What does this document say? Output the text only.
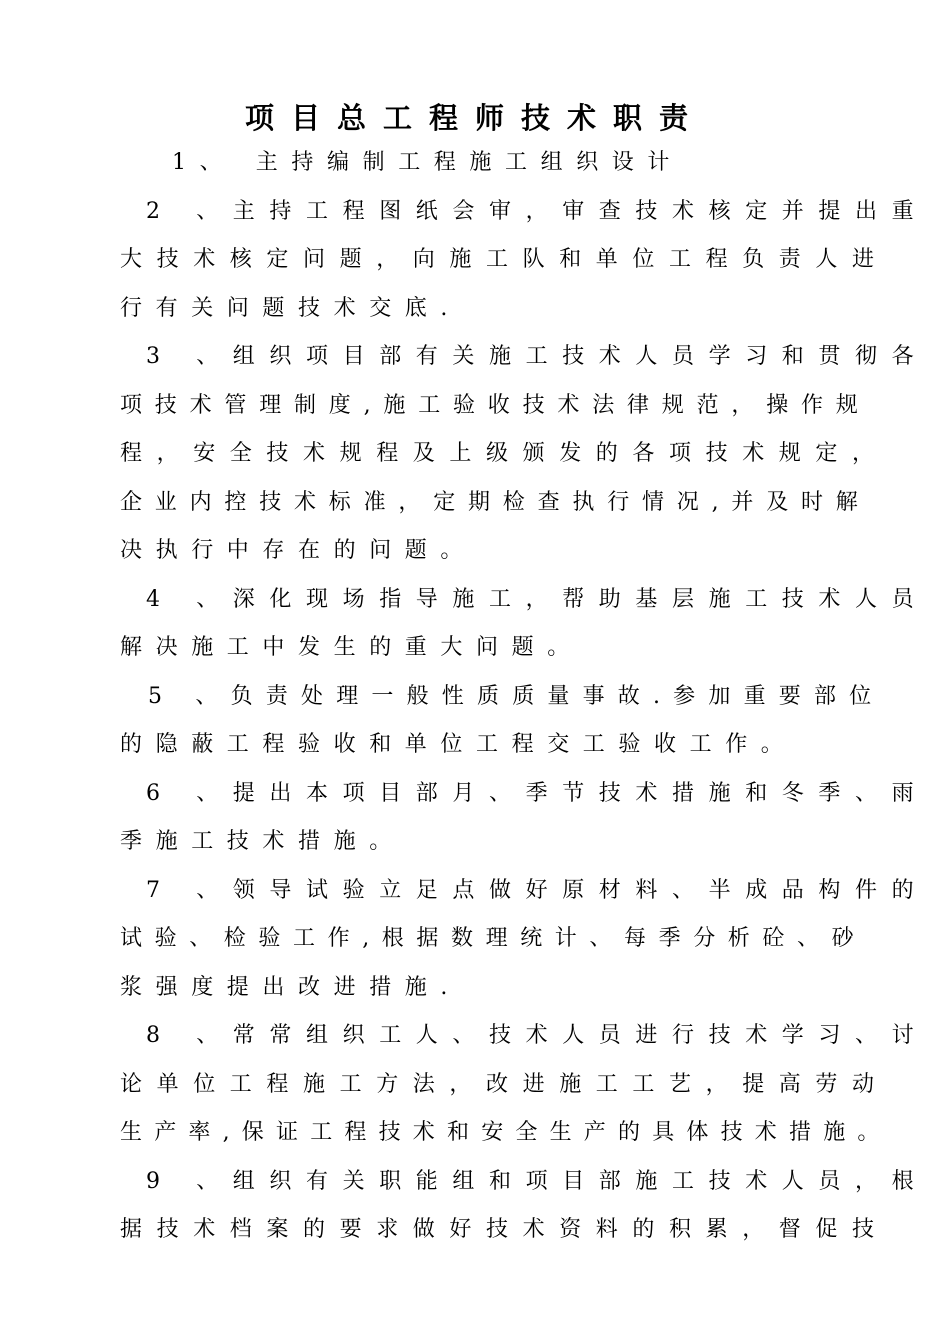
项目总工程师技术职责
1、 主持编制工程施工组织设计
2 、主持工程图纸会审，审查技术核定并提出重
大技术核定问题，向施工队和单位工程负责人进
行有关问题技术交底.
3 、组织项目部有关施工技术人员学习和贯彻各
项技术管理制度,施工验收技术法律规范，操作规
程，安全技术规程及上级颁发的各项技术规定，
企业内控技术标准，定期检查执行情况,并及时解
决执行中存在的问题。
4 、深化现场指导施工，帮助基层施工技术人员
解决施工中发生的重大问题。
5 、负责处理一般性质质量事故.参加重要部位
的隐蔽工程验收和单位工程交工验收工作。
6 、提出本项目部月、季节技术措施和冬季、雨
季施工技术措施。
7 、领导试验立足点做好原材料、半成品构件的
试验、检验工作,根据数理统计、每季分析砼、砂
浆强度提出改进措施.
8 、常常组织工人、技术人员进行技术学习、讨
论单位工程施工方法，改进施工工艺，提高劳动
生产率,保证工程技术和安全生产的具体技术措施。
9 、组织有关职能组和项目部施工技术人员，根
据技术档案的要求做好技术资料的积累，督促技
